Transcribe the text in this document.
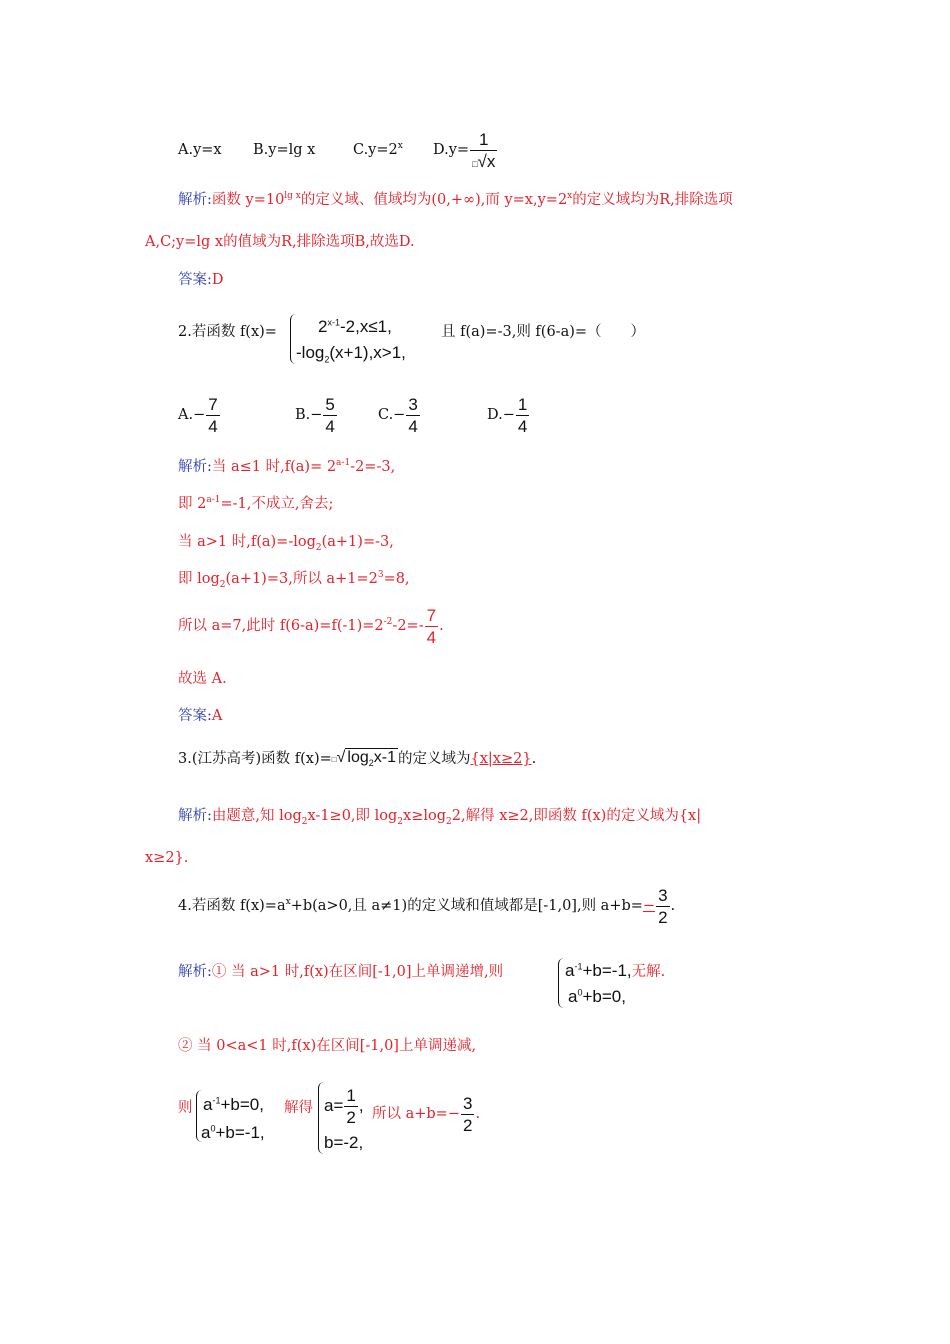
A.y=x B.y=lg x	$C.y=2^x$ $D.y= \frac{1}{□√x}$
解析:函数 $y=10^{lg x}$的定义域、值域均为(0,+∞),而 $y=x,y=2^x$的定义域均为R,排除选项
A,C;y=lg x的值域为R,排除选项B,故选D.
答案:D
2.若函数 $f(x)= 2^{x-1}-2,x\le 1$,
$-\log_2(x+1),x>1$,
且 f(a)=-3,则 f(6-a)=（　　）
$A.- \frac{7}{4}$	$B.- \frac{5}{4}$	$C.- \frac{3}{4}$	$D.- \frac{1}{4}$
解析:当 a≤1 时$,f(a)= 2^{a-1}-2=-3$,
即 $2^{a-1}=-1$,不成立,舍去;
当 a>1 时$,f(a)=-\log_2(a+1)=-3$,
即 $\log_2(a+1)=3$,所以 $a+1=2^3=8$,
所以 a=7,此时 $f(6-a)=f(-1)=2^{-2}-2=- \frac{7}{4}$ .
故选 A.
答案:A
3.(江苏高考)函数 f(x)=□√ $\log_2x-1$ 的定义域为{x|x≥2}.
解析:由题意,知 $\log_2x-1\ge 0$,即 $\log_2x\ge\log_22$,解得 x≥2,即函数 f(x)的定义域为{x|
x≥2}.
4.若函数 $f(x)=a^x+b(a>0$,且 a≠1)的定义域和值域都是[-1,0],则 $a+b=- \frac{3}{2}$ .
解析:① 当 a>1 时,f(x)在区间[-1,0]上单调递增,则	$a^{-1}+b=-1$,无解.
$a^0+b=0$,
② 当 0<a<1 时,f(x)在区间[-1,0]上单调递减,
则 $a^{-1}+b=0$,
$a^0+b=-1$,
解得 $a= \frac{1}{2}$ ,
b=-2,
所以 $a+b=- \frac{3}{2}$ .
